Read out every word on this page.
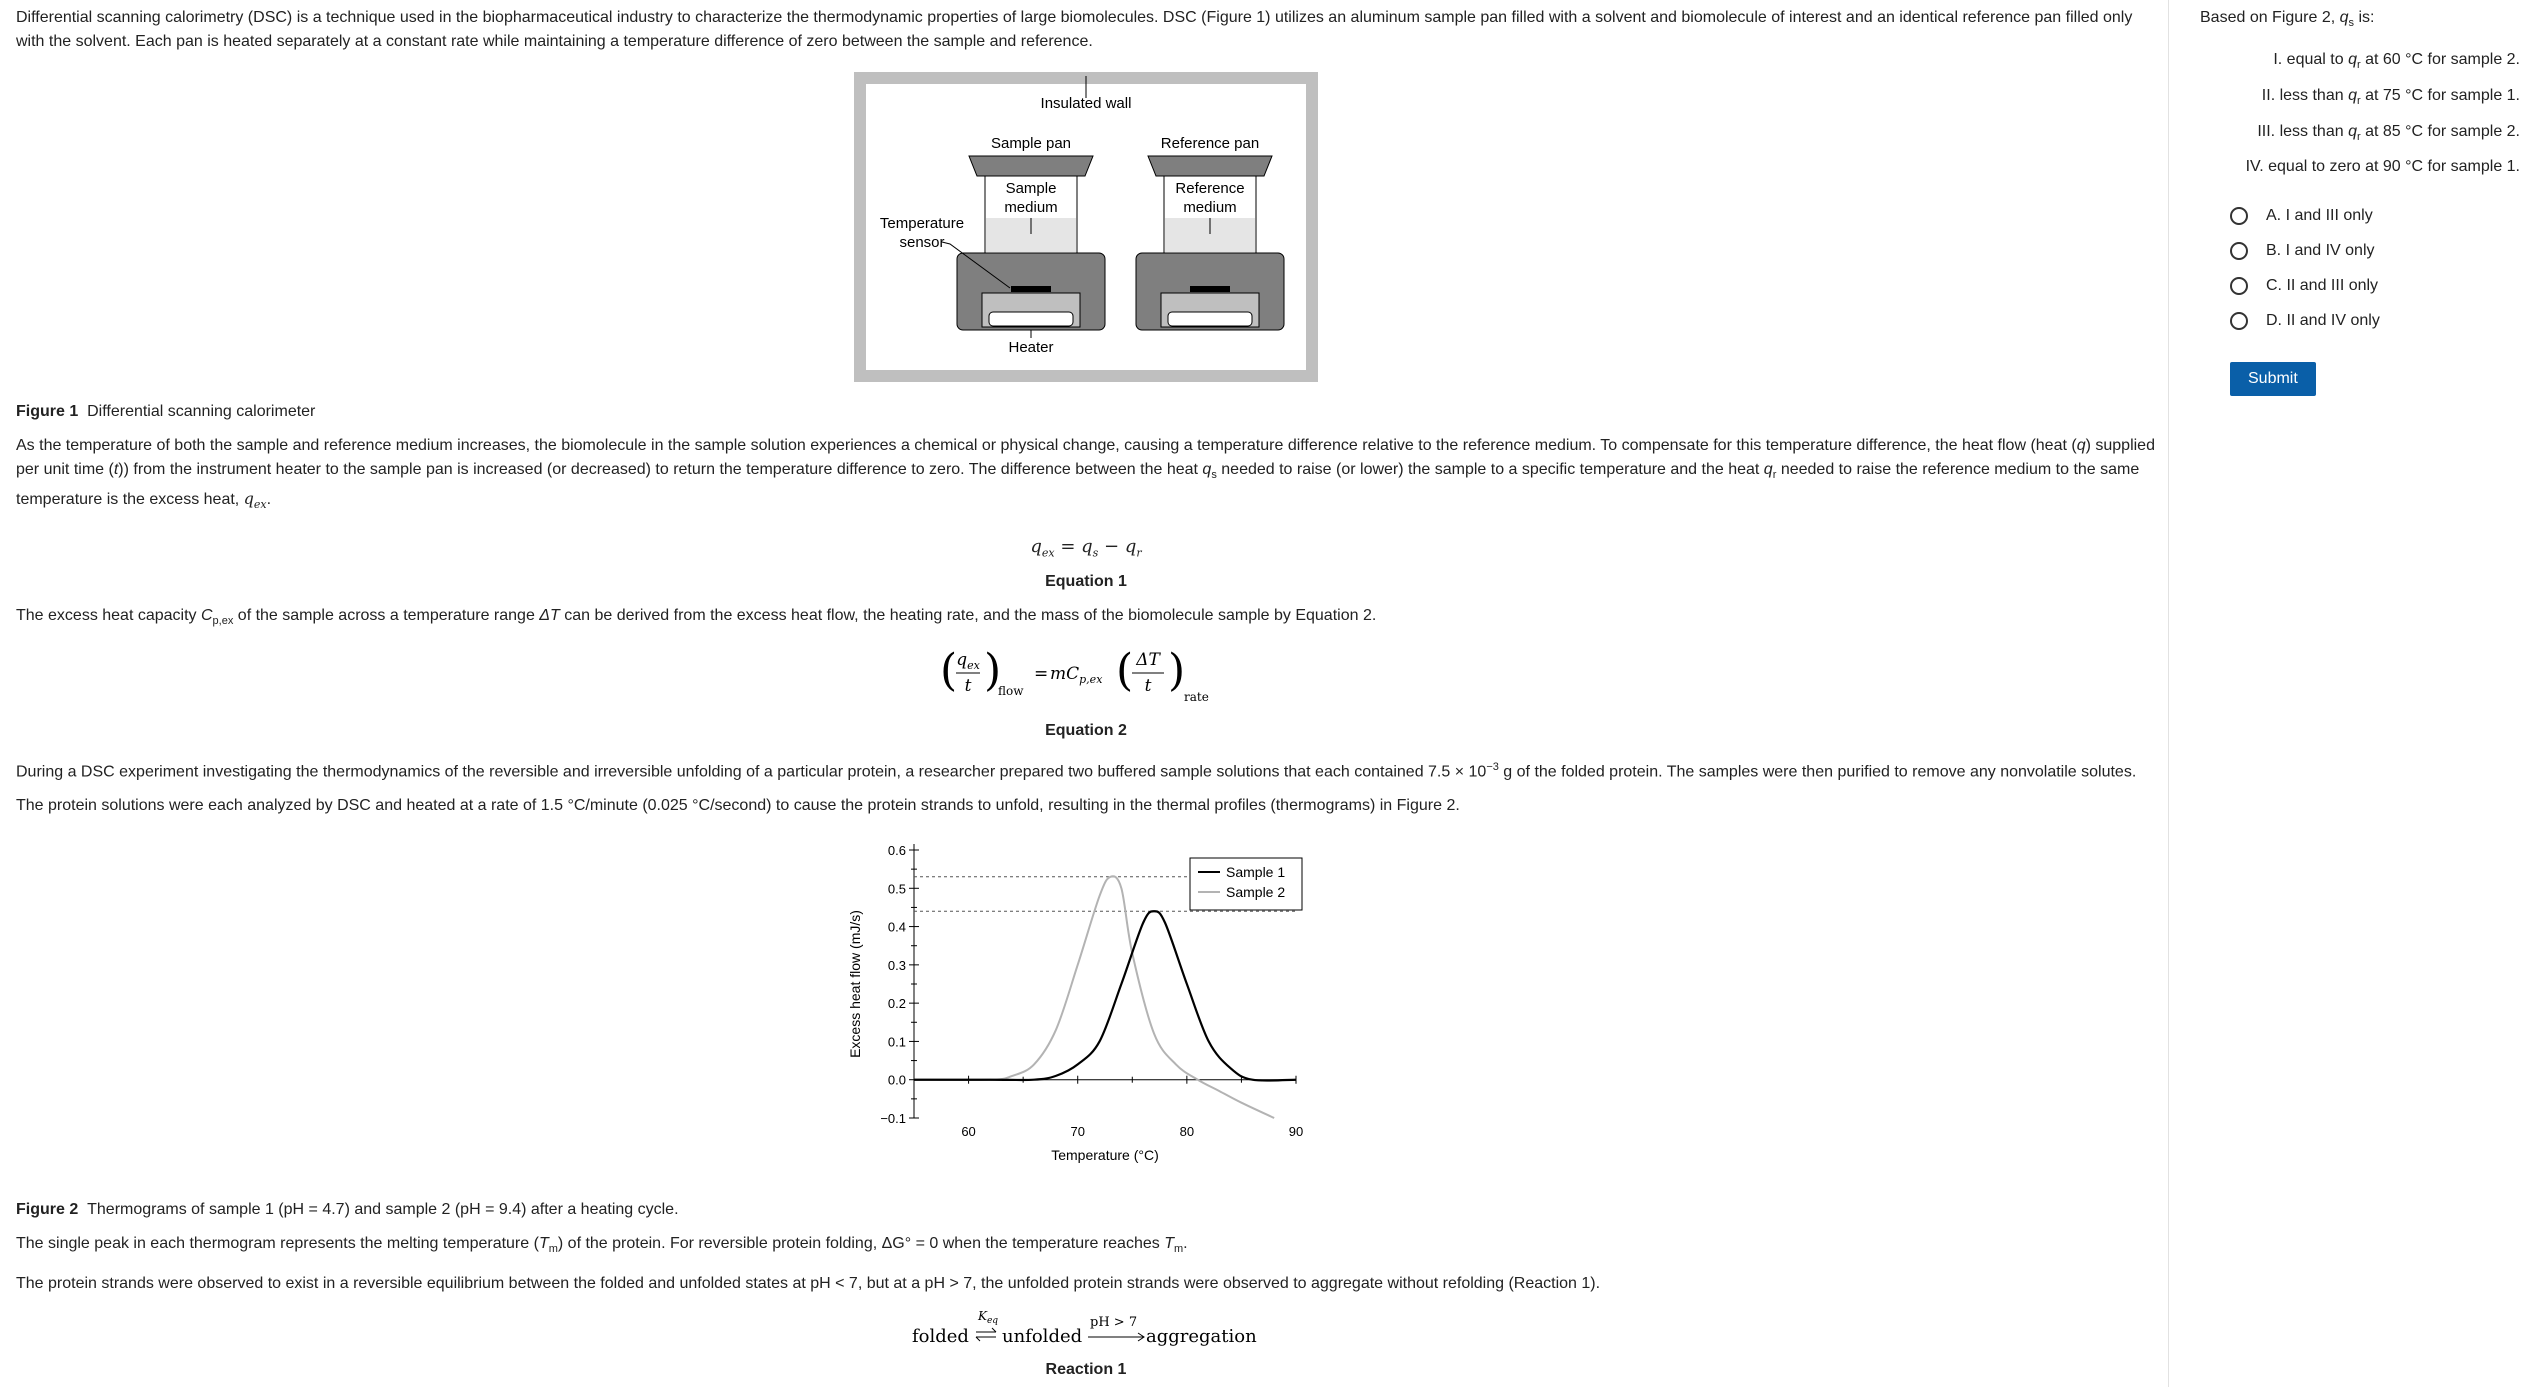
Differential scanning calorimetry (DSC) is a technique used in the biopharmaceutical industry to characterize the thermodynamic properties of large biomolecules. DSC (Figure 1) utilizes an aluminum sample pan filled with a solvent and biomolecule of interest and an identical reference pan filled only with the solvent. Each pan is heated separately at a constant rate while maintaining a temperature difference of zero between the sample and reference.

Insulated wall
Sample pan
Sample
medium
Heater
Temperature
sensor
Reference pan
Reference
medium

Figure 1 Differential scanning calorimeter

As the temperature of both the sample and reference medium increases, the biomolecule in the sample solution experiences a chemical or physical change, causing a temperature difference relative to the reference medium. To compensate for this temperature difference, the heat flow (heat (q) supplied per unit time (t)) from the instrument heater to the sample pan is increased (or decreased) to return the temperature difference to zero. The difference between the heat $q_s$ needed to raise (or lower) the sample to a specific temperature and the heat $q_r$ needed to raise the reference medium to the same temperature is the excess heat, $q_{ex}$.

$q_{ex} = q_s - q_r$
Equation 1

The excess heat capacity $C_{p,ex}$ of the sample across a temperature range ΔT can be derived from the excess heat flow, the heating rate, and the mass of the biomolecule sample by Equation 2.

( $q_{ex}$
t )
flow
= $mC_{p,ex}$ ( ΔT
t )
rate
Equation 2

During a DSC experiment investigating the thermodynamics of the reversible and irreversible unfolding of a particular protein, a researcher prepared two buffered sample solutions that each contained $7.5 \times 10^{-3}$ g of the folded protein. The samples were then purified to remove any nonvolatile solutes.

The protein solutions were each analyzed by DSC and heated at a rate of 1.5 °C/minute (0.025 °C/second) to cause the protein strands to unfold, resulting in the thermal profiles (thermograms) in Figure 2.

−0.1
0.0
0.1
0.2
0.3
0.4
0.5
0.6
60	70	80	90
Temperature (°C)
Excess heat flow (mJ/s)
Sample 1
Sample 2

Figure 2 Thermograms of sample 1 (pH = 4.7) and sample 2 (pH = 9.4) after a heating cycle.

The single peak in each thermogram represents the melting temperature $(T_m)$ of the protein. For reversible protein folding, ΔG° = 0 when the temperature reaches $T_m$.

The protein strands were observed to exist in a reversible equilibrium between the folded and unfolded states at pH < 7, but at a pH > 7, the unfolded protein strands were observed to aggregate without refolding (Reaction 1).

folded
$K_{eq}$
unfolded
pH > 7
aggregation
Reaction 1

Based on Figure 2, $q_s$ is:

I. equal to $q_r$ at 60 °C for sample 2.
II. less than $q_r$ at 75 °C for sample 1.
III. less than $q_r$ at 85 °C for sample 2.
IV. equal to zero at 90 °C for sample 1.
A. I and III only
B. I and IV only
C. II and III only
D. II and IV only
Submit
